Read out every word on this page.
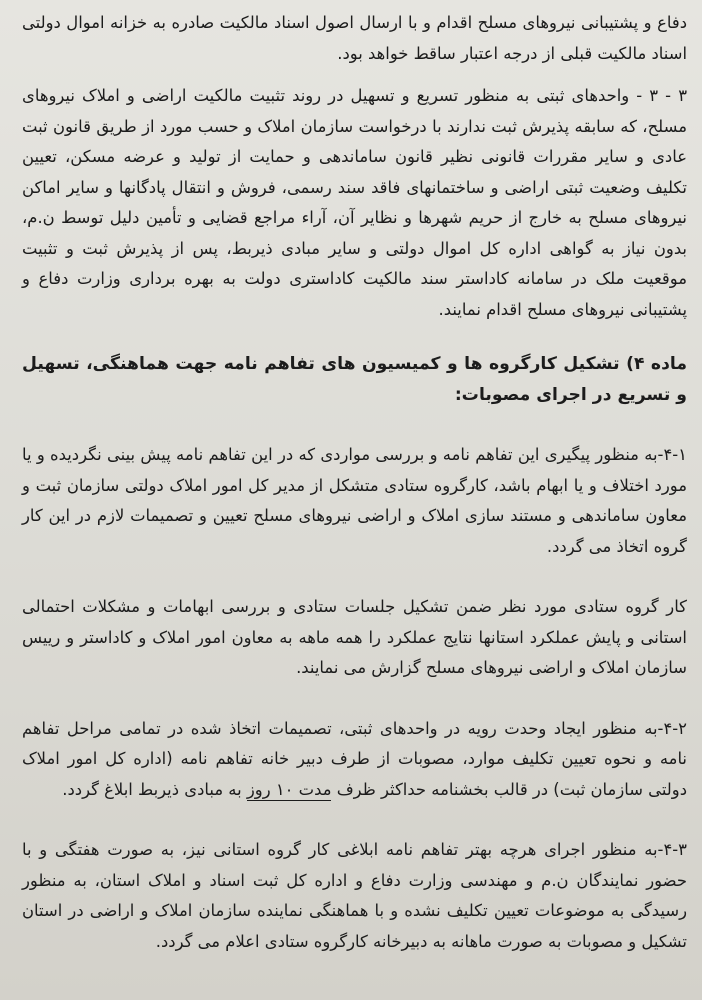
دفاع و پشتیبانی نیروهای مسلح اقدام و با ارسال اصول اسناد مالکیت صادره به خزانه اموال دولتی اسناد مالکیت قبلی از درجه اعتبار ساقط خواهد بود.

۳ - ۳ - واحدهای ثبتی به منظور تسریع و تسهیل در روند تثبیت مالکیت اراضی و املاک نیروهای مسلح، که سابقه پذیرش ثبت ندارند با درخواست سازمان املاک و حسب مورد از طریق قانون ثبت عادی و سایر مقررات قانونی نظیر قانون ساماندهی و حمایت از تولید و عرضه مسکن، تعیین تکلیف وضعیت ثبتی اراضی و ساختمانهای فاقد سند رسمی، فروش و انتقال پادگانها و سایر اماکن نیروهای مسلح به خارج از حریم شهرها و نظایر آن، آراء مراجع قضایی و تأمین دلیل توسط ن.م، بدون نیاز به گواهی اداره کل اموال دولتی و سایر مبادی ذیربط، پس از پذیرش ثبت و تثبیت موقعیت ملک در سامانه کاداستر سند مالکیت کاداستری دولت به بهره برداری وزارت دفاع و پشتیبانی نیروهای مسلح اقدام نمایند.

ماده ۴) تشکیل کارگروه ها و کمیسیون های تفاهم نامه جهت هماهنگی، تسهیل و تسریع در اجرای مصوبات:

۴-۱-به منظور پیگیری این تفاهم نامه و بررسی مواردی که در این تفاهم نامه پیش بینی نگردیده و یا مورد اختلاف و یا ابهام باشد، کارگروه ستادی متشکل از مدیر کل امور املاک دولتی سازمان ثبت و معاون ساماندهی و مستند سازی املاک و اراضی نیروهای مسلح تعیین و تصمیمات لازم در این کار گروه اتخاذ می گردد.

کار گروه ستادی مورد نظر ضمن تشکیل جلسات ستادی و بررسی ابهامات و مشکلات احتمالی استانی و پایش عملکرد استانها نتایج عملکرد را همه ماهه به معاون امور املاک و کاداستر و رییس سازمان املاک و اراضی نیروهای مسلح گزارش می نمایند.

۴-۲-به منظور ایجاد وحدت رویه در واحدهای ثبتی، تصمیمات اتخاذ شده در تمامی مراحل تفاهم نامه و نحوه تعیین تکلیف موارد، مصوبات از طرف دبیر خانه تفاهم نامه (اداره کل امور املاک دولتی سازمان ثبت) در قالب بخشنامه حداکثر ظرف مدت ۱۰ روز به مبادی ذیربط ابلاغ گردد.

۴-۳-به منظور اجرای هرچه بهتر تفاهم نامه ابلاغی کار گروه استانی نیز، به صورت هفتگی و با حضور نمایندگان ن.م و مهندسی وزارت دفاع و اداره کل ثبت اسناد و املاک استان، به منظور رسیدگی به موضوعات تعیین تکلیف نشده و با هماهنگی نماینده سازمان املاک و اراضی در استان تشکیل و مصوبات به صورت ماهانه به دبیرخانه کارگروه ستادی اعلام می گردد.
